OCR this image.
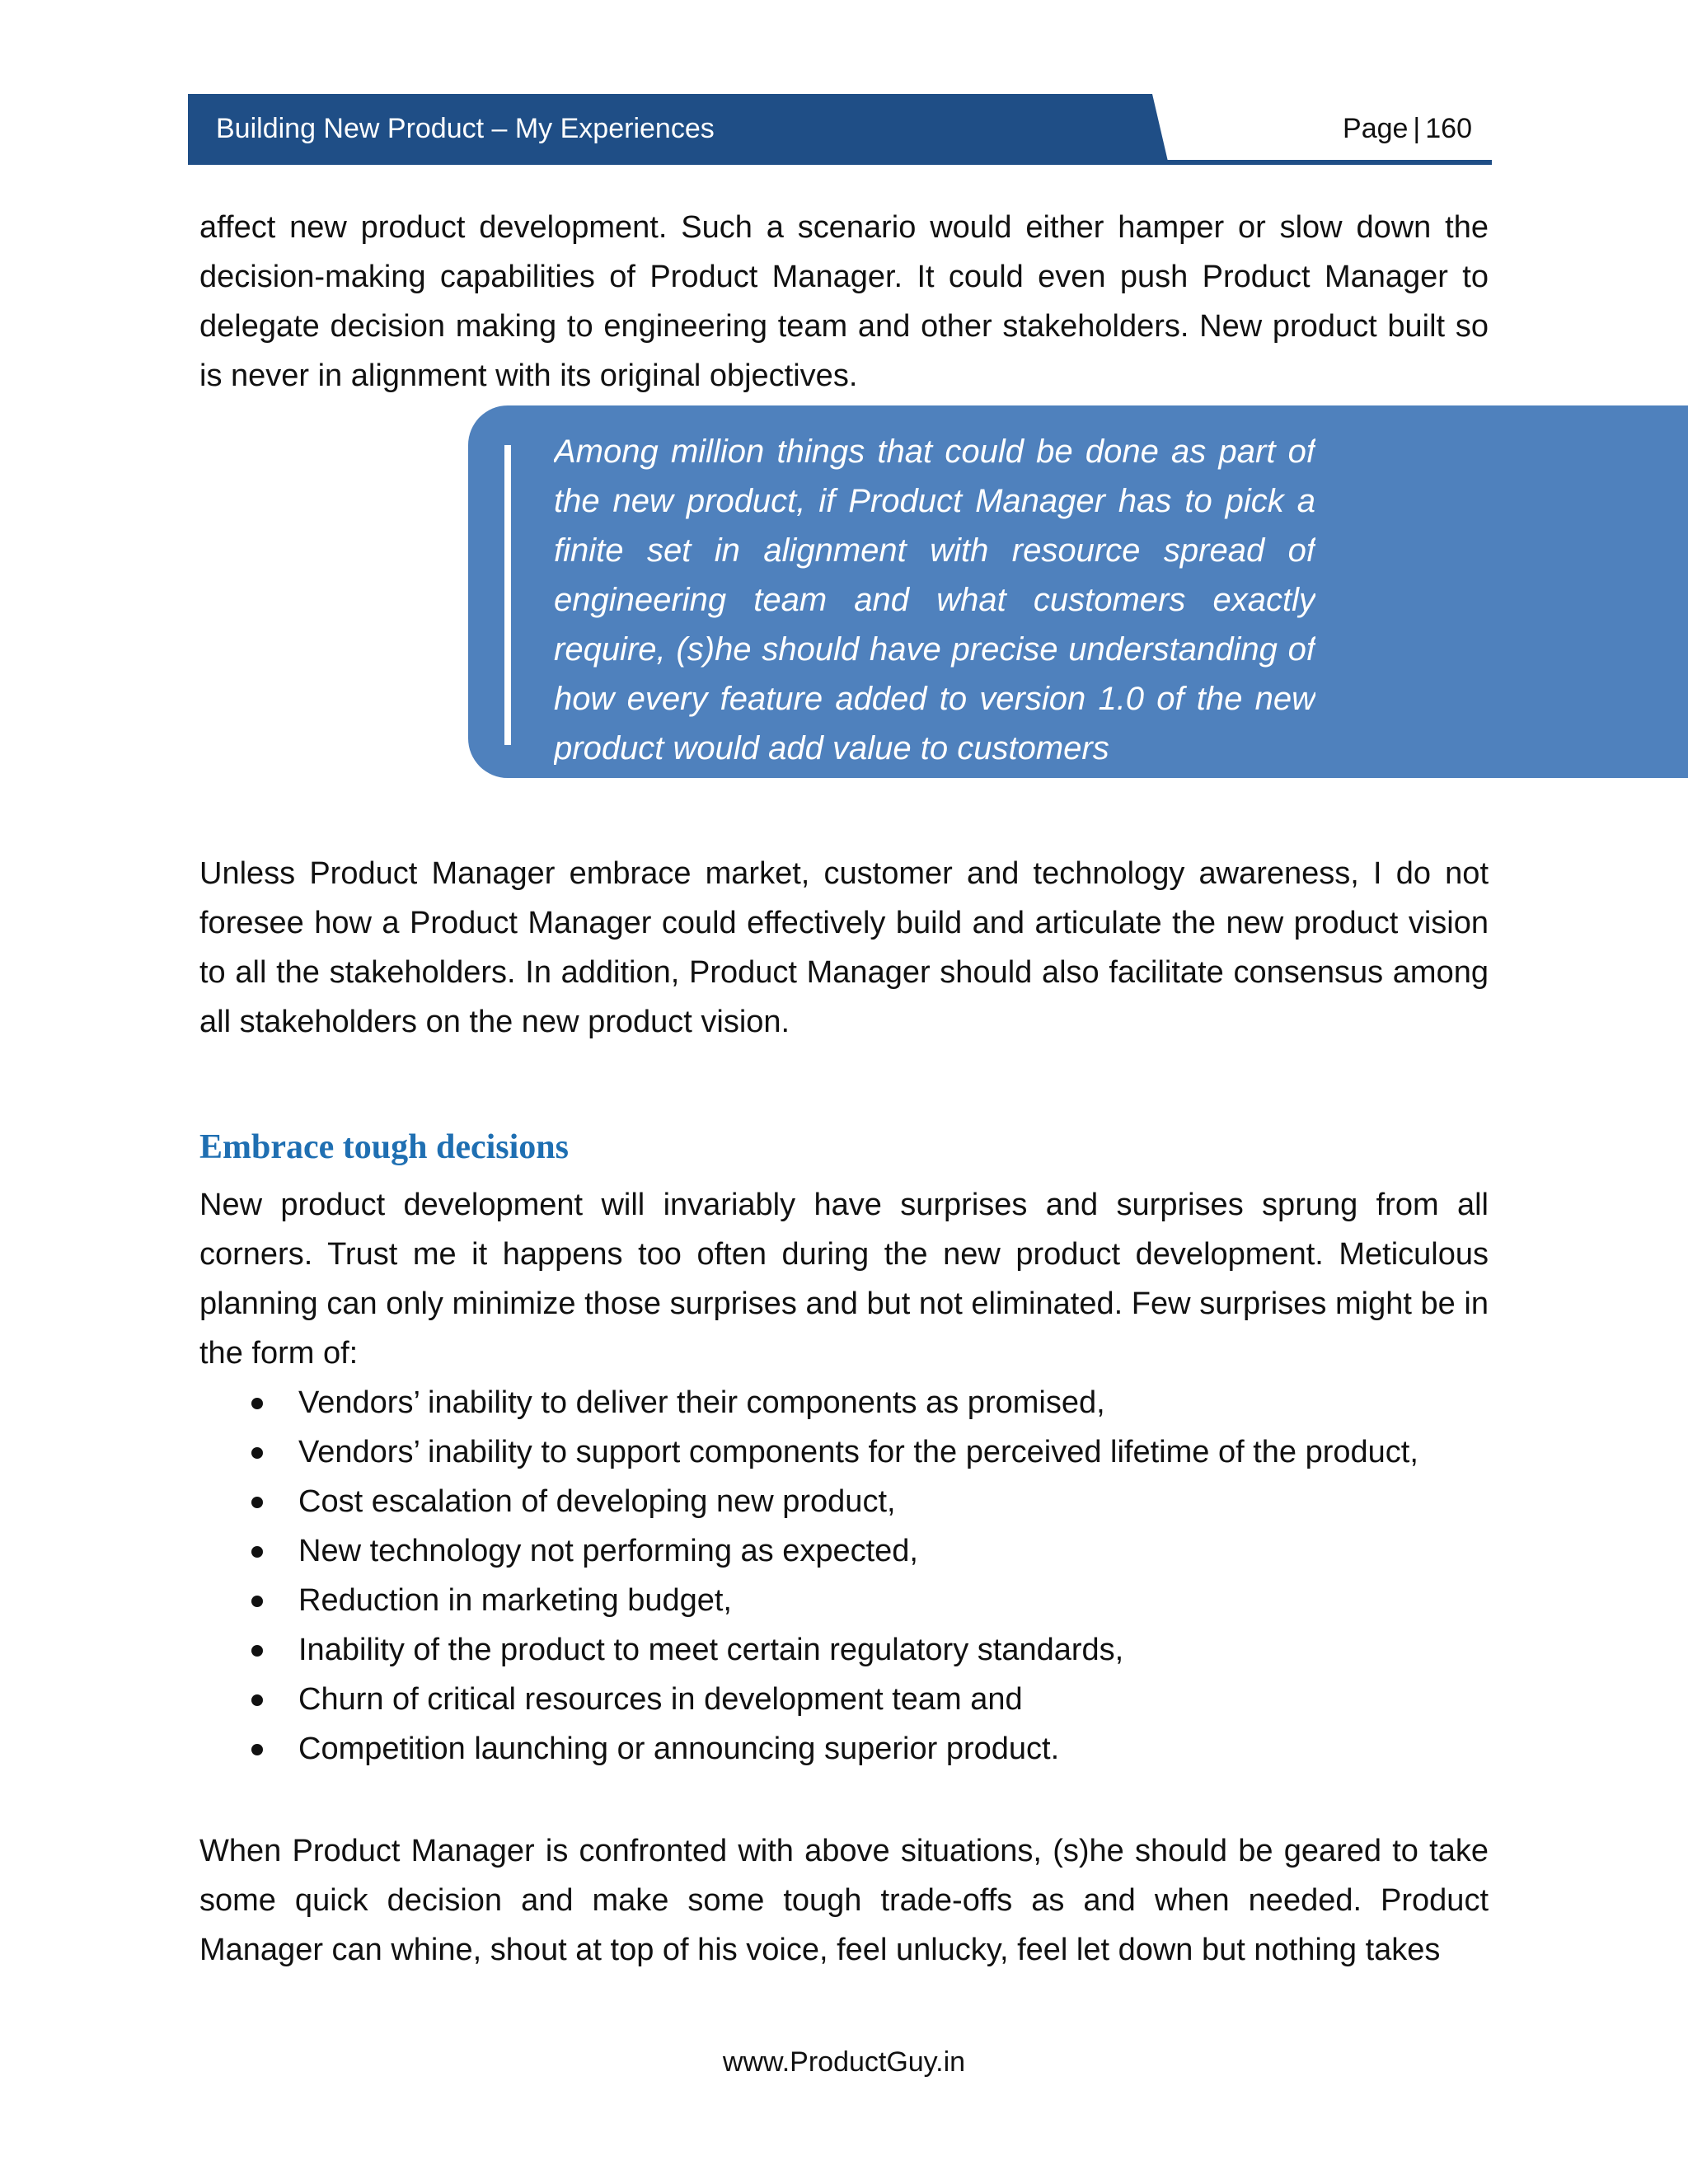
Building New Product – My Experiences	Page | 160
affect new product development. Such a scenario would either hamper or slow down the decision-making capabilities of Product Manager. It could even push Product Manager to delegate decision making to engineering team and other stakeholders. New product built so is never in alignment with its original objectives.
Among million things that could be done as part of the new product, if Product Manager has to pick a finite set in alignment with resource spread of engineering team and what customers exactly require, (s)he should have precise understanding of how every feature added to version 1.0 of the new product would add value to customers
Unless Product Manager embrace market, customer and technology awareness, I do not foresee how a Product Manager could effectively build and articulate the new product vision to all the stakeholders. In addition, Product Manager should also facilitate consensus among all stakeholders on the new product vision.
Embrace tough decisions
New product development will invariably have surprises and surprises sprung from all corners. Trust me it happens too often during the new product development. Meticulous planning can only minimize those surprises and but not eliminated. Few surprises might be in the form of:
Vendors’ inability to deliver their components as promised,
Vendors’ inability to support components for the perceived lifetime of the product,
Cost escalation of developing new product,
New technology not performing as expected,
Reduction in marketing budget,
Inability of the product to meet certain regulatory standards,
Churn of critical resources in development team and
Competition launching or announcing superior product.
When Product Manager is confronted with above situations, (s)he should be geared to take some quick decision and make some tough trade-offs as and when needed. Product Manager can whine, shout at top of his voice, feel unlucky, feel let down but nothing takes
www.ProductGuy.in
